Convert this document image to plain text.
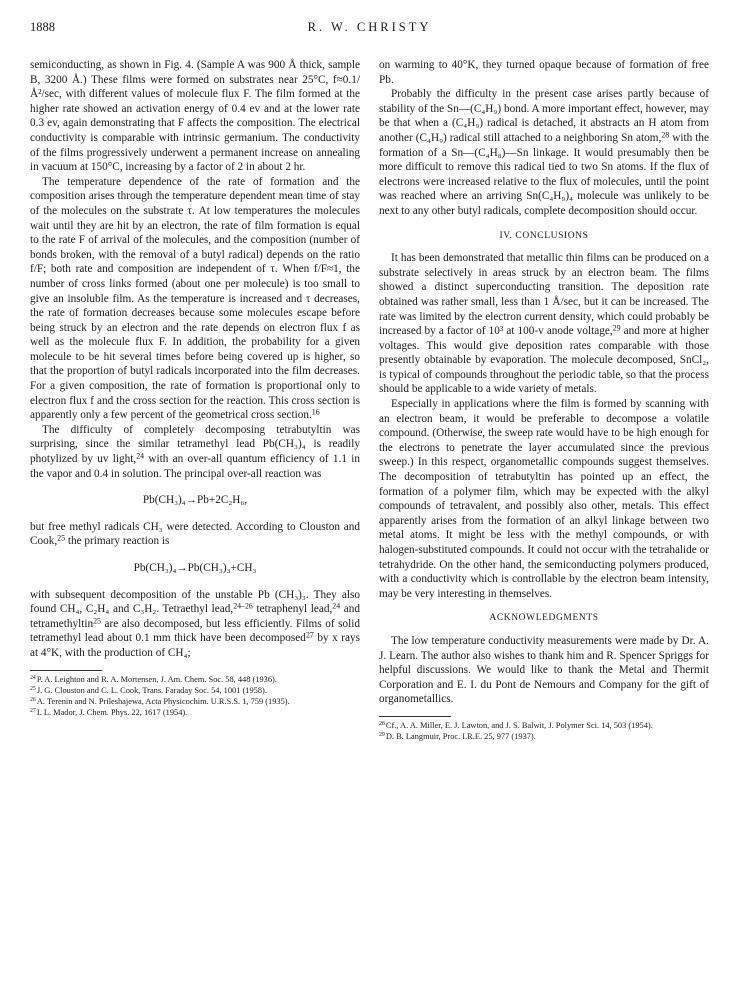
1888	R. W. CHRISTY

semiconducting, as shown in Fig. 4. (Sample A was 900 Å thick, sample B, 3200 Å.) These films were formed on substrates near 25°C, f≈0.1/Å²/sec, with different values of molecule flux F. The film formed at the higher rate showed an activation energy of 0.4 ev and at the lower rate 0.3 ev, again demonstrating that F affects the composition. The electrical conductivity is comparable with intrinsic germanium. The conductivity of the films progressively underwent a permanent increase on annealing in vacuum at 150°C, increasing by a factor of 2 in about 2 hr.

The temperature dependence of the rate of formation and the composition arises through the temperature dependent mean time of stay of the molecules on the substrate τ. At low temperatures the molecules wait until they are hit by an electron, the rate of film formation is equal to the rate F of arrival of the molecules, and the composition (number of bonds broken, with the removal of a butyl radical) depends on the ratio f/F; both rate and composition are independent of τ. When f/F≈1, the number of cross links formed (about one per molecule) is too small to give an insoluble film. As the temperature is increased and τ decreases, the rate of formation decreases because some molecules escape before being struck by an electron and the rate depends on electron flux f as well as the molecule flux F. In addition, the probability for a given molecule to be hit several times before being covered up is higher, so that the proportion of butyl radicals incorporated into the film decreases. For a given composition, the rate of formation is proportional only to electron flux f and the cross section for the reaction. This cross section is apparently only a few percent of the geometrical cross section.$^{16}$

The difficulty of completely decomposing tetrabutyltin was surprising, since the similar tetramethyl lead Pb(CH₃)₄ is readily photylized by uv light,$^{24}$ with an over-all quantum efficiency of 1.1 in the vapor and 0.4 in solution. The principal over-all reaction was

Pb(CH₃)₄→Pb+2C₂H₆,

but free methyl radicals CH₃ were detected. According to Clouston and Cook,$^{25}$ the primary reaction is

Pb(CH₃)₄→Pb(CH₃)₃+CH₃

with subsequent decomposition of the unstable Pb (CH₃)₃. They also found CH₄, C₂H₄ and C₃H₂. Tetraethyl lead,$^{24-26}$ tetraphenyl lead,$^{24}$ and tetramethyltin$^{25}$ are also decomposed, but less efficiently. Films of solid tetramethyl lead about 0.1 mm thick have been decomposed$^{27}$ by x rays at 4°K, with the production of CH₄;

$^{24}$P. A. Leighton and R. A. Mortensen, J. Am. Chem. Soc. 58, 448 (1936).

$^{25}$J. G. Clouston and C. L. Cook, Trans. Faraday Soc. 54, 1001 (1958).

$^{26}$A. Terenin and N. Prileshajewa, Acta Physicochim. U.R.S.S. 1, 759 (1935).

$^{27}$I. L. Mador, J. Chem. Phys. 22, 1617 (1954).

on warming to 40°K, they turned opaque because of formation of free Pb.

Probably the difficulty in the present case arises partly because of stability of the Sn—(C₄H₉) bond. A more important effect, however, may be that when a (C₄H₉) radical is detached, it abstracts an H atom from another (C₄H₉) radical still attached to a neighboring Sn atom,$^{28}$ with the formation of a Sn—(C₄H₈)—Sn linkage. It would presumably then be more difficult to remove this radical tied to two Sn atoms. If the flux of electrons were increased relative to the flux of molecules, until the point was reached where an arriving Sn(C₄H₉)₄ molecule was unlikely to be next to any other butyl radicals, complete decomposition should occur.

IV. CONCLUSIONS

It has been demonstrated that metallic thin films can be produced on a substrate selectively in areas struck by an electron beam. The films showed a distinct superconducting transition. The deposition rate obtained was rather small, less than 1 Å/sec, but it can be increased. The rate was limited by the electron current density, which could probably be increased by a factor of 10³ at 100-v anode voltage,$^{29}$ and more at higher voltages. This would give deposition rates comparable with those presently obtainable by evaporation. The molecule decomposed, SnCl₂, is typical of compounds throughout the periodic table, so that the process should be applicable to a wide variety of metals.

Especially in applications where the film is formed by scanning with an electron beam, it would be preferable to decompose a volatile compound. (Otherwise, the sweep rate would have to be high enough for the electrons to penetrate the layer accumulated since the previous sweep.) In this respect, organometallic compounds suggest themselves. The decomposition of tetrabutyltin has pointed up an effect, the formation of a polymer film, which may be expected with the alkyl compounds of tetravalent, and possibly also other, metals. This effect apparently arises from the formation of an alkyl linkage between two metal atoms. It might be less with the methyl compounds, or with halogen-substituted compounds. It could not occur with the tetrahalide or tetrahydride. On the other hand, the semiconducting polymers produced, with a conductivity which is controllable by the electron beam intensity, may be very interesting in themselves.

ACKNOWLEDGMENTS

The low temperature conductivity measurements were made by Dr. A. J. Learn. The author also wishes to thank him and R. Spencer Spriggs for helpful discussions. We would like to thank the Metal and Thermit Corporation and E. I. du Pont de Nemours and Company for the gift of organometallics.

$^{28}$Cf., A. A. Miller, E. J. Lawton, and J. S. Balwit, J. Polymer Sci. 14, 503 (1954).

$^{29}$D. B. Langmuir, Proc. I.R.E. 25, 977 (1937).
